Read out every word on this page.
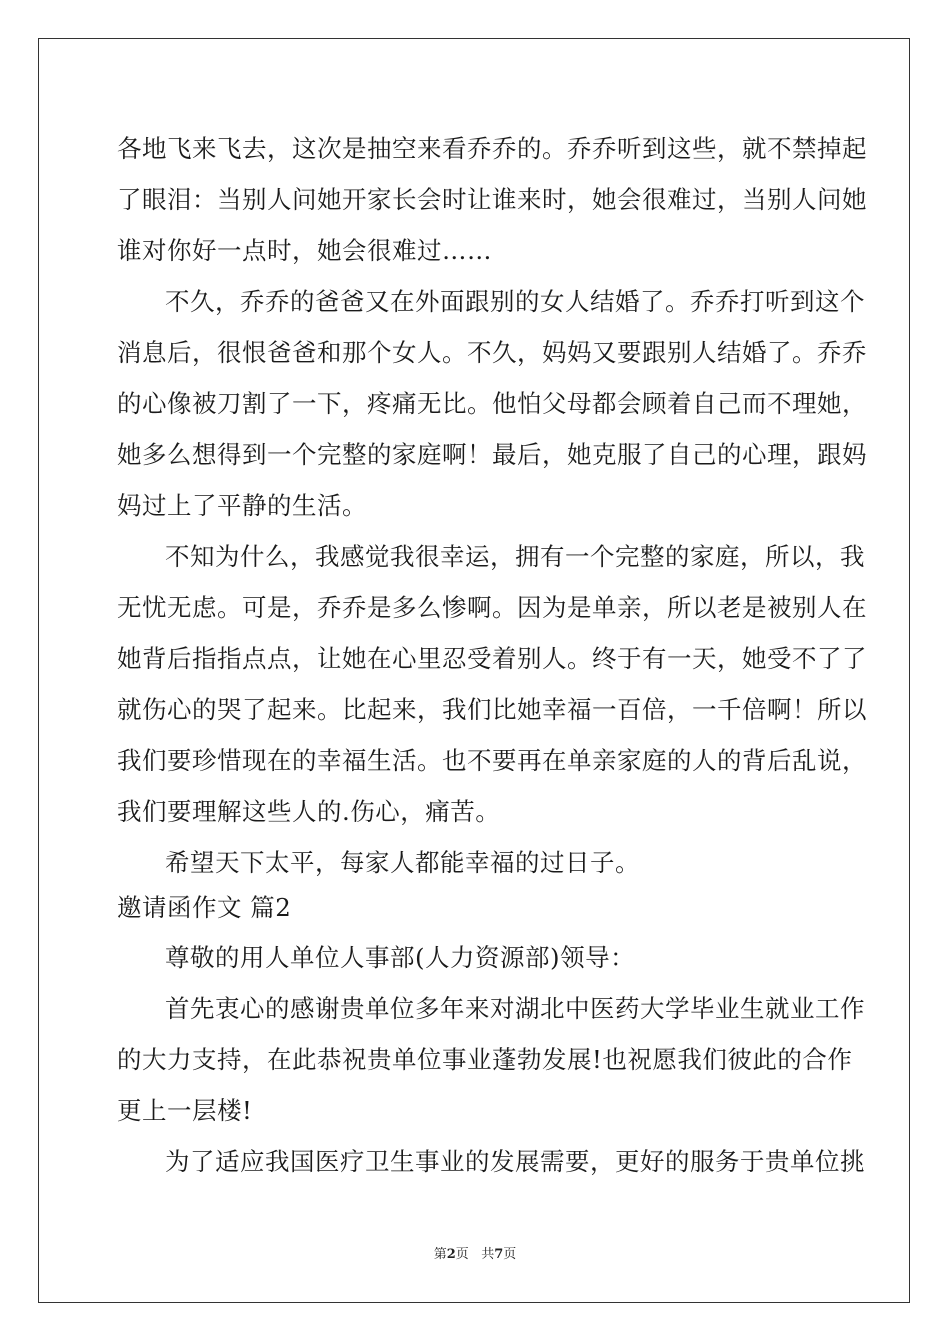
各地飞来飞去，这次是抽空来看乔乔的。乔乔听到这些，就不禁掉起
了眼泪：当别人问她开家长会时让谁来时，她会很难过，当别人问她
谁对你好一点时，她会很难过……
不久，乔乔的爸爸又在外面跟别的女人结婚了。乔乔打听到这个
消息后，很恨爸爸和那个女人。不久，妈妈又要跟别人结婚了。乔乔
的心像被刀割了一下，疼痛无比。他怕父母都会顾着自己而不理她，
她多么想得到一个完整的家庭啊！最后，她克服了自己的心理，跟妈
妈过上了平静的生活。
不知为什么，我感觉我很幸运，拥有一个完整的家庭，所以，我
无忧无虑。可是，乔乔是多么惨啊。因为是单亲，所以老是被别人在
她背后指指点点，让她在心里忍受着别人。终于有一天，她受不了了
就伤心的哭了起来。比起来，我们比她幸福一百倍，一千倍啊！所以
我们要珍惜现在的幸福生活。也不要再在单亲家庭的人的背后乱说，
我们要理解这些人的.伤心，痛苦。
希望天下太平，每家人都能幸福的过日子。
邀请函作文 篇2
尊敬的用人单位人事部(人力资源部)领导：
首先衷心的感谢贵单位多年来对湖北中医药大学毕业生就业工作
的大力支持，在此恭祝贵单位事业蓬勃发展!也祝愿我们彼此的合作
更上一层楼!
为了适应我国医疗卫生事业的发展需要，更好的服务于贵单位挑
第2页 共7页
